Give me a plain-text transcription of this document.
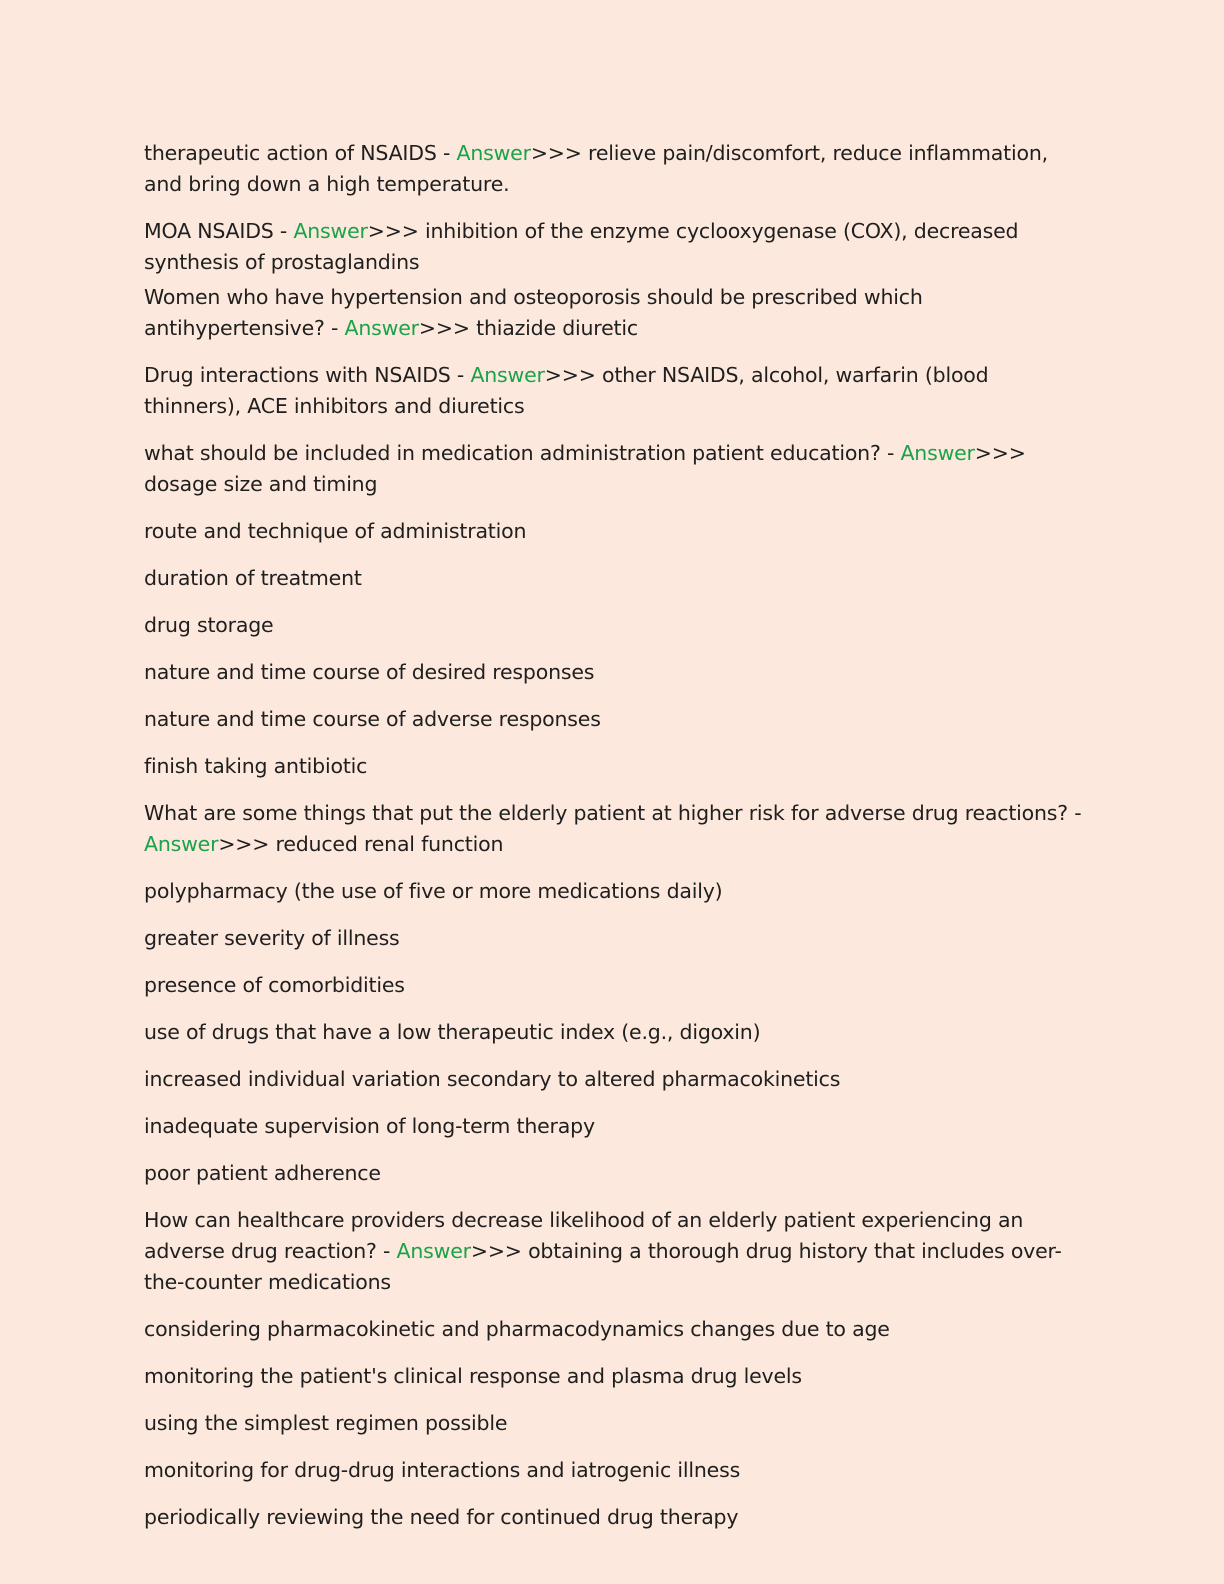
therapeutic action of NSAIDS - Answer>>> relieve pain/discomfort, reduce inflammation, and bring down a high temperature.

MOA NSAIDS - Answer>>> inhibition of the enzyme cyclooxygenase (COX), decreased synthesis of prostaglandins

Women who have hypertension and osteoporosis should be prescribed which antihypertensive? - Answer>>> thiazide diuretic

Drug interactions with NSAIDS - Answer>>> other NSAIDS, alcohol, warfarin (blood thinners), ACE inhibitors and diuretics

what should be included in medication administration patient education? - Answer>>> dosage size and timing

route and technique of administration

duration of treatment

drug storage

nature and time course of desired responses

nature and time course of adverse responses

finish taking antibiotic

What are some things that put the elderly patient at higher risk for adverse drug reactions? - Answer>>> reduced renal function

polypharmacy (the use of five or more medications daily)

greater severity of illness

presence of comorbidities

use of drugs that have a low therapeutic index (e.g., digoxin)

increased individual variation secondary to altered pharmacokinetics

inadequate supervision of long-term therapy

poor patient adherence

How can healthcare providers decrease likelihood of an elderly patient experiencing an adverse drug reaction? - Answer>>> obtaining a thorough drug history that includes over-the-counter medications

considering pharmacokinetic and pharmacodynamics changes due to age

monitoring the patient's clinical response and plasma drug levels

using the simplest regimen possible

monitoring for drug-drug interactions and iatrogenic illness

periodically reviewing the need for continued drug therapy
